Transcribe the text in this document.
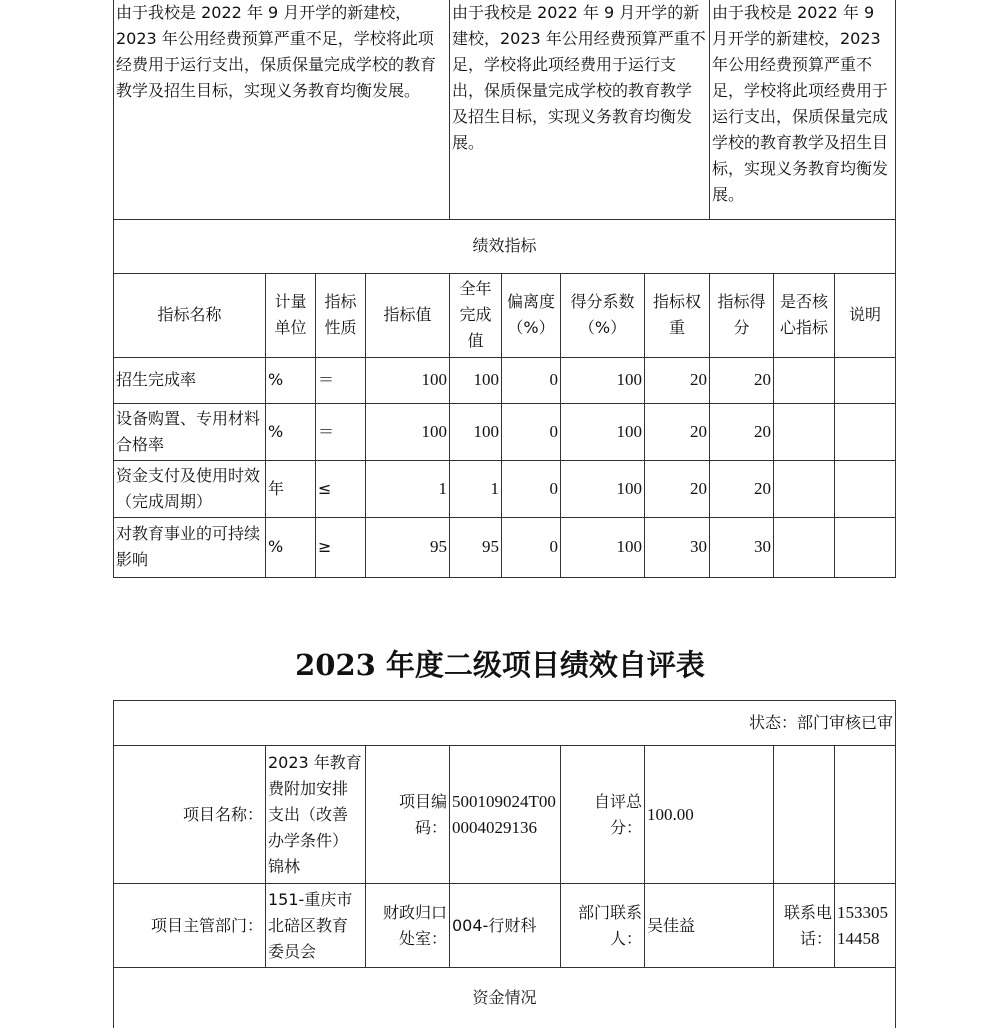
由于我校是 2022 年 9 月开学的新建校，2023 年公用经费预算严重不足，学校将此项经费用于运行支出，保质保量完成学校的教育教学及招生目标，实现义务教育均衡发展。				由于我校是 2022 年 9 月开学的新建校，2023 年公用经费预算严重不足，学校将此项经费用于运行支出，保质保量完成学校的教育教学及招生目标，实现义务教育均衡发展。				由于我校是 2022 年 9 月开学的新建校，2023 年公用经费预算严重不足，学校将此项经费用于运行支出，保质保量完成学校的教育教学及招生目标，实现义务教育均衡发展。		
绩效指标										
指标名称	计量单位	指标性质	指标值	全年完成值	偏离度（%）	得分系数（%）	指标权重	指标得分	是否核心指标	说明
招生完成率	%	＝	100	100	0	100	20	20		
设备购置、专用材料合格率	%	＝	100	100	0	100	20	20		
资金支付及使用时效（完成周期）	年	≤	1	1	0	100	20	20		
对教育事业的可持续影响	%	≥	95	95	0	100	30	30		
2023 年度二级项目绩效自评表
状态：部门审核已审							
项目名称：	2023 年教育费附加安排支出（改善办学条件）锦林	项目编码：	500109024T000004029136	自评总分：	100.00		
项目主管部门：	151-重庆市北碚区教育委员会	财政归口处室：	004-行财科	部门联系人：	吴佳益	联系电话：	15330514458
资金情况							
